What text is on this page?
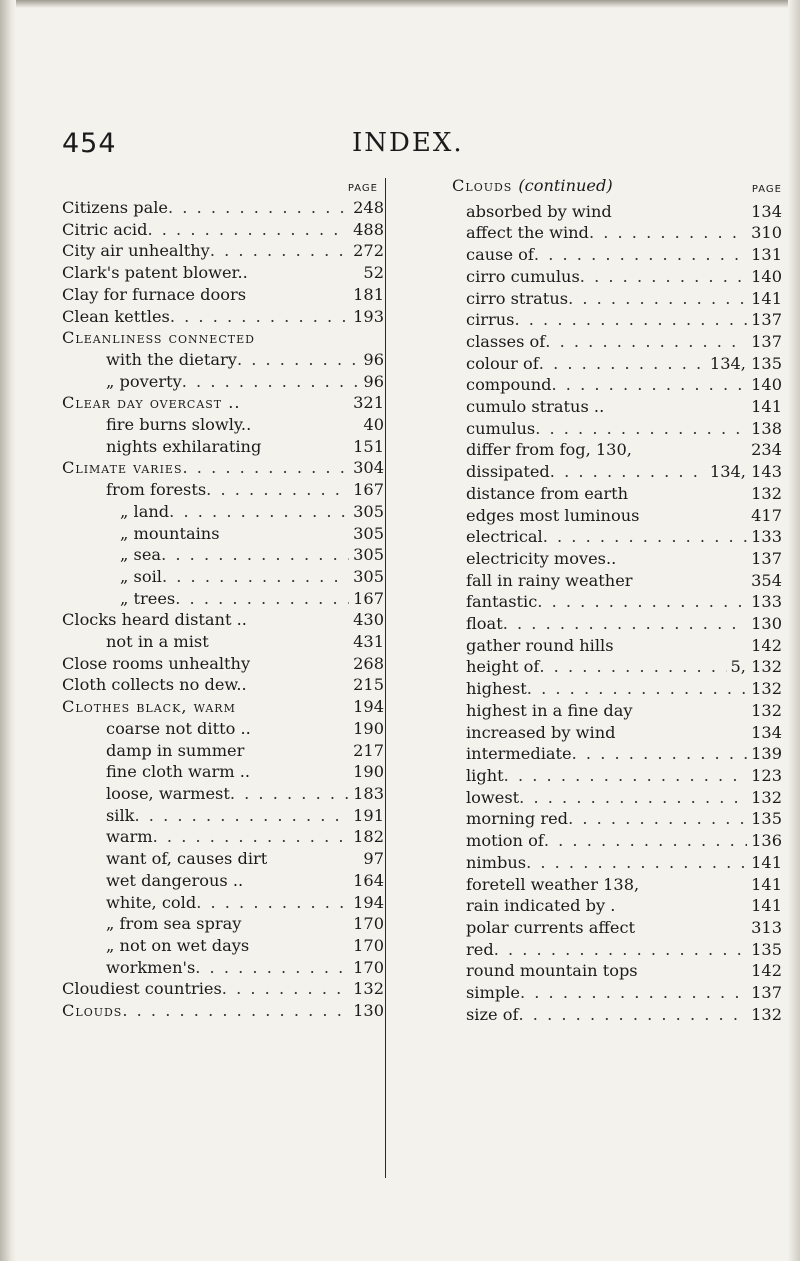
454	INDEX.
PAGE
Citizens pale . . .	248
Citric acid . . .	488
City air unhealthy . . .	272
Clark's patent blower..	52
Clay for furnace doors	181
Clean kettles . . .	193
Cleanliness connected
with the dietary . . .	96
„ poverty . . .	96
Clear day overcast ..	321
fire burns slowly..	40
nights exhilarating	151
Climate varies . . .	304
from forests . . .	167
„ land . . .	305
„ mountains	305
„ sea . . .	305
„ soil . . .	305
„ trees . . .	167
Clocks heard distant ..	430
not in a mist	431
Close rooms unhealthy	268
Cloth collects no dew..	215
Clothes black, warm	194
coarse not ditto ..	190
damp in summer	217
fine cloth warm ..	190
loose, warmest . . .	183
silk . . .	191
warm . . .	182
want of, causes dirt	97
wet dangerous ..	164
white, cold . . .	194
„ from sea spray	170
„ not on wet days	170
workmen's . . .	170
Cloudiest countries . . .	132
Clouds . . .	130
Clouds (continued)	PAGE
absorbed by wind	134
affect the wind . . .	310
cause of . . .	131
cirro cumulus . . .	140
cirro stratus . . .	141
cirrus . . .	137
classes of . . .	137
colour of . . .	134, 135
compound . . .	140
cumulo stratus ..	141
cumulus . . .	138
differ from fog, 130,	234
dissipated . . .	134, 143
distance from earth	132
edges most luminous	417
electrical . . .	133
electricity moves..	137
fall in rainy weather	354
fantastic . . .	133
float . . .	130
gather round hills	142
height of . . .	5, 132
highest . . .	132
highest in a fine day	132
increased by wind	134
intermediate . . .	139
light . . .	123
lowest . . .	132
morning red . . .	135
motion of . . .	136
nimbus . . .	141
foretell weather 138,	141
rain indicated by .	141
polar currents affect	313
red . . .	135
round mountain tops	142
simple . . .	137
size of . . .	132
